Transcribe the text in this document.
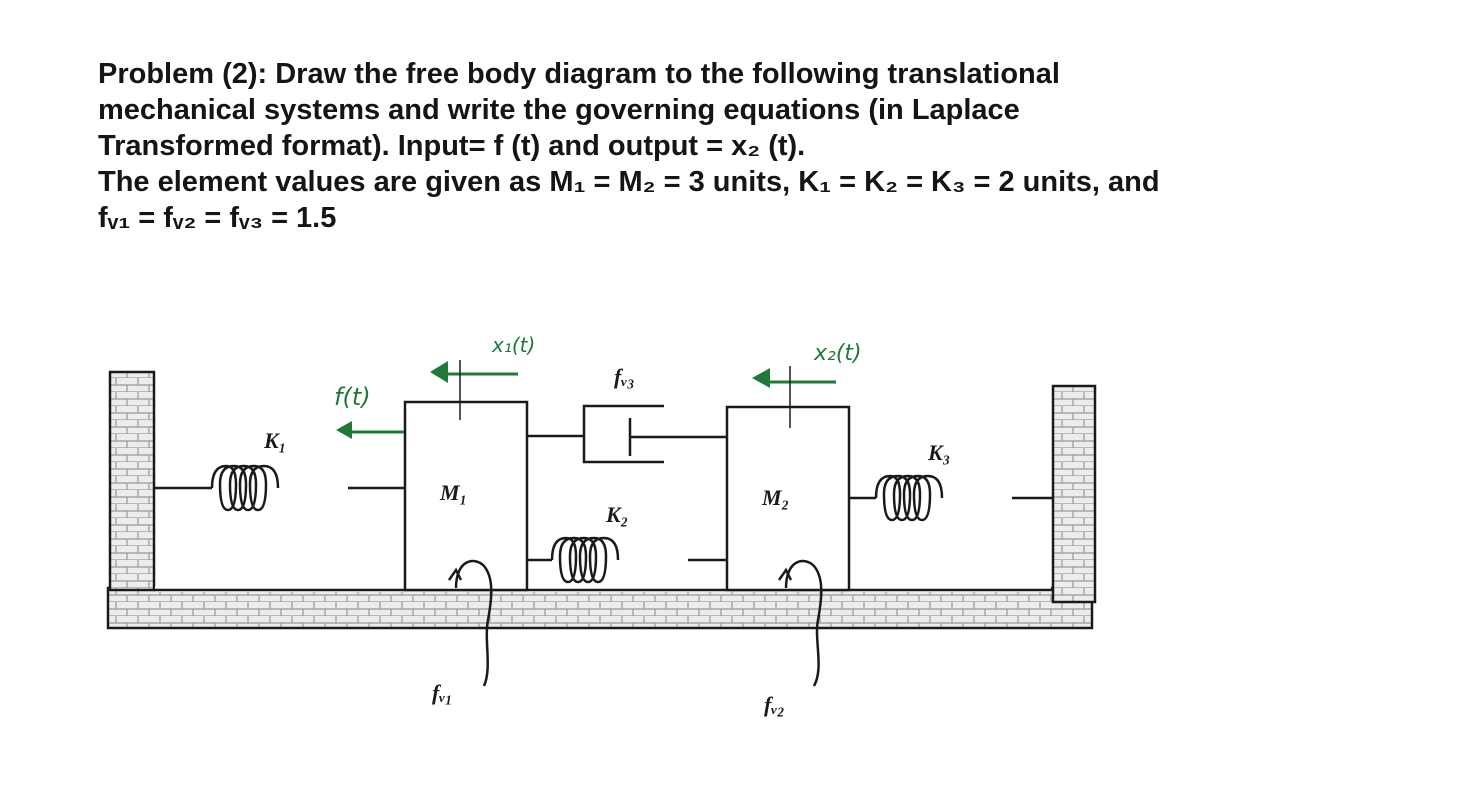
Problem (2): Draw the free body diagram to the following translational
mechanical systems and write the governing equations (in Laplace
Transformed format). Input= f (t) and output = x₂ (t).
The element values are given as M₁ = M₂ = 3 units, K₁ = K₂ = K₃ = 2 units, and
fᵥ₁ = fᵥ₂ = fᵥ₃ = 1.5
K₁
M₁
K₂
M₂
K₃
fᵥ₃
fᵥ₁	fᵥ₂
f(t)
x₁(t)	x₂(t)
